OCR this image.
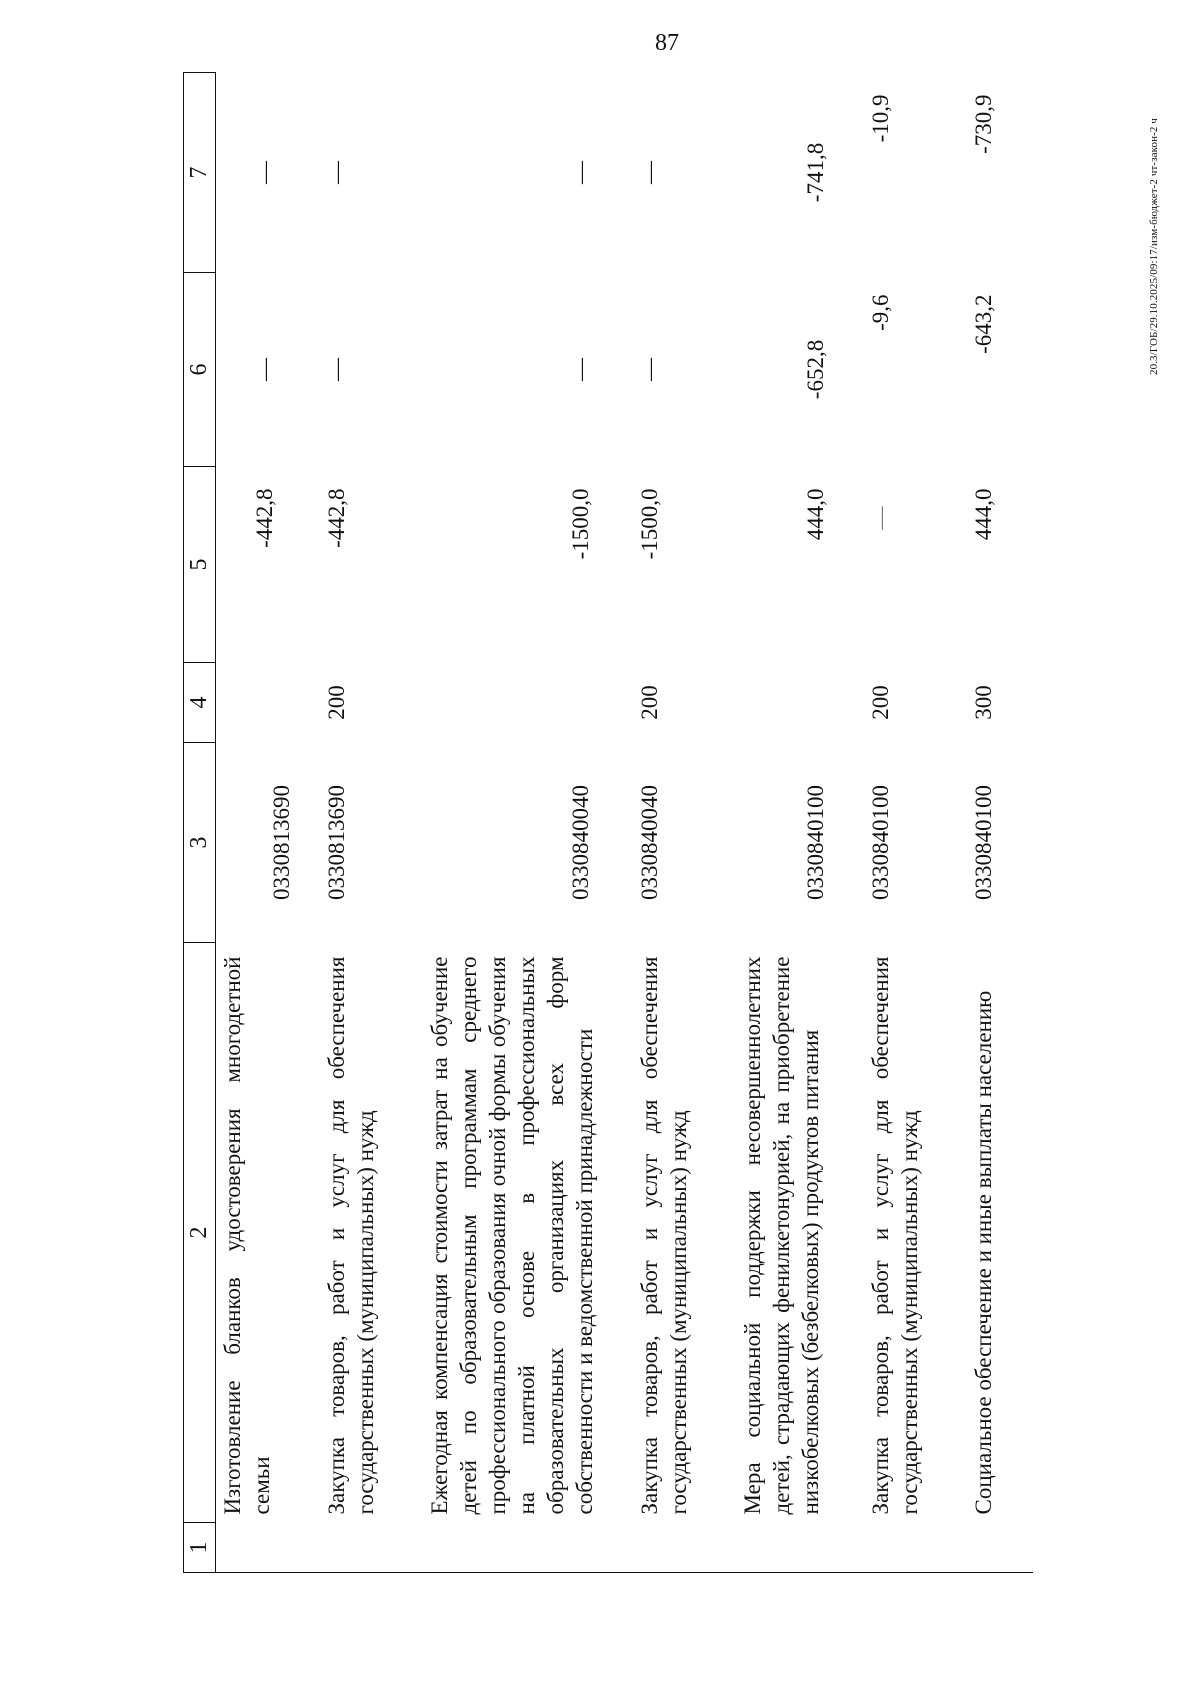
87
20.3/ГОБ/29.10.2025/09:17/изм-бюджет-2 чт-закон-2 ч
1	2	3	4	5	6	7
	Изготовление бланков удостоверения многодетной семьи	0330813690		-442,8	—	—
	Закупка товаров, работ и услуг для обеспечения государственных (муниципальных) нужд	0330813690	200	-442,8	—	—
	Ежегодная компенсация стоимости затрат на обучение детей по образовательным программам среднего профессионального образования очной формы обучения на платной основе в профессиональных образовательных организациях всех форм собственности и ведомственной принадлежности	0330840040		-1500,0	—	—
	Закупка товаров, работ и услуг для обеспечения государственных (муниципальных) нужд	0330840040	200	-1500,0	—	—
	Мера социальной поддержки несовершеннолетних детей, страдающих фенилкетонурией, на приобретение низкобелковых (безбелковых) продуктов питания	0330840100		444,0	-652,8	-741,8
	Закупка товаров, работ и услуг для обеспечения государственных (муниципальных) нужд	0330840100	200	—	-9,6	-10,9
	Социальное обеспечение и иные выплаты населению	0330840100	300	444,0	-643,2	-730,9
